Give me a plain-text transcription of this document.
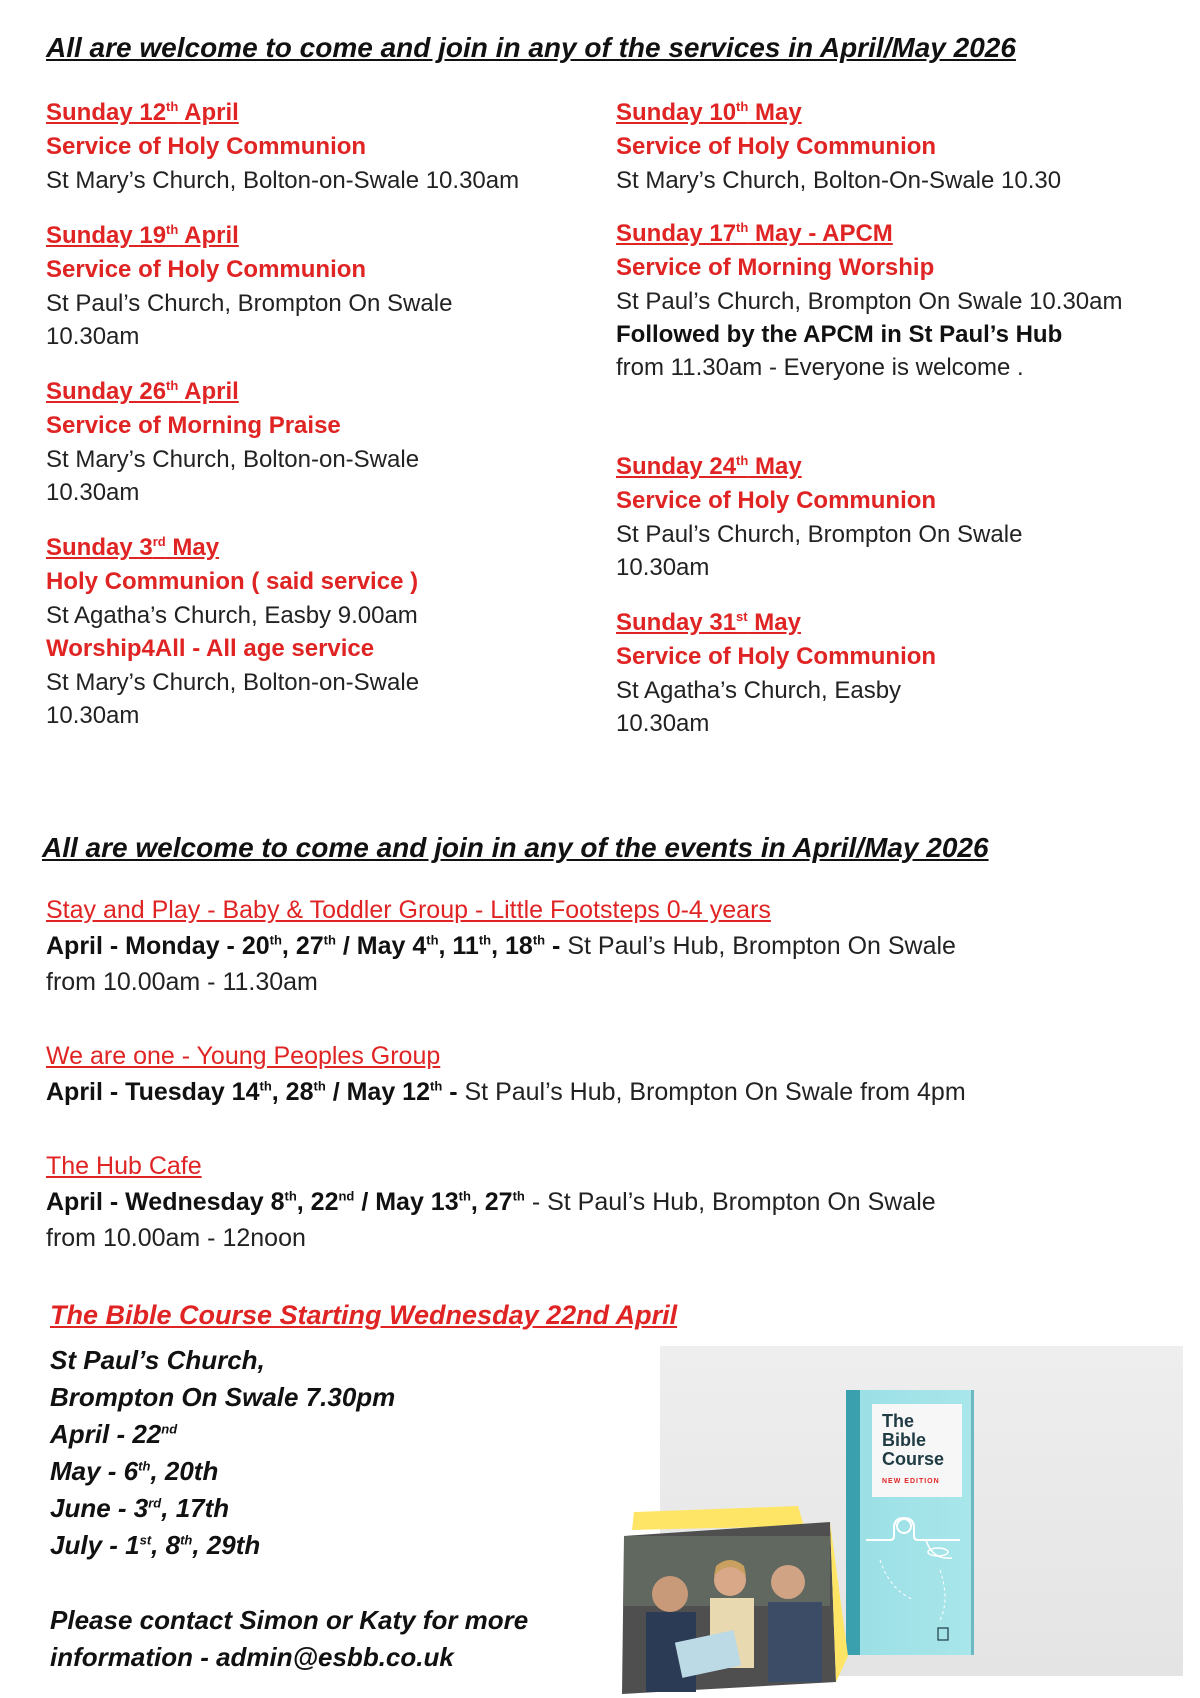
All are welcome to come and join in any of the services in April/May 2026
Sunday 12th April
Service of Holy Communion
St Mary’s Church, Bolton-on-Swale 10.30am
Sunday 19th April
Service of Holy Communion
St Paul’s Church, Brompton On Swale
10.30am
Sunday 26th April
Service of Morning Praise
St Mary’s Church, Bolton-on-Swale
10.30am
Sunday 3rd May
Holy Communion ( said service )
St Agatha’s Church, Easby 9.00am
Worship4All - All age service
St Mary’s Church, Bolton-on-Swale
10.30am
Sunday 10th May
Service of Holy Communion
St Mary’s Church, Bolton-On-Swale 10.30
Sunday 17th May - APCM
Service of Morning Worship
St Paul’s Church, Brompton On Swale 10.30am
Followed by the APCM in St Paul’s Hub
from 11.30am - Everyone is welcome .
Sunday 24th May
Service of Holy Communion
St Paul’s Church, Brompton On Swale
10.30am
Sunday 31st May
Service of Holy Communion
St Agatha’s Church, Easby
10.30am
All are welcome to come and join in any of the events in April/May 2026
Stay and Play - Baby & Toddler Group - Little Footsteps 0-4 years
April - Monday - 20th, 27th / May 4th, 11th, 18th - St Paul’s Hub, Brompton On Swale
from 10.00am - 11.30am
We are one - Young Peoples Group
April - Tuesday 14th, 28th / May 12th - St Paul’s Hub, Brompton On Swale from 4pm
The Hub Cafe
April - Wednesday 8th, 22nd / May 13th, 27th - St Paul’s Hub, Brompton On Swale
from 10.00am - 12noon
The Bible Course Starting Wednesday 22nd April
St Paul’s Church,
Brompton On Swale 7.30pm
April - 22nd
May - 6th, 20th
June - 3rd, 17th
July - 1st, 8th, 29th
Please contact Simon or Katy for more
information - admin@esbb.co.uk
The
Bible
Course
NEW EDITION
